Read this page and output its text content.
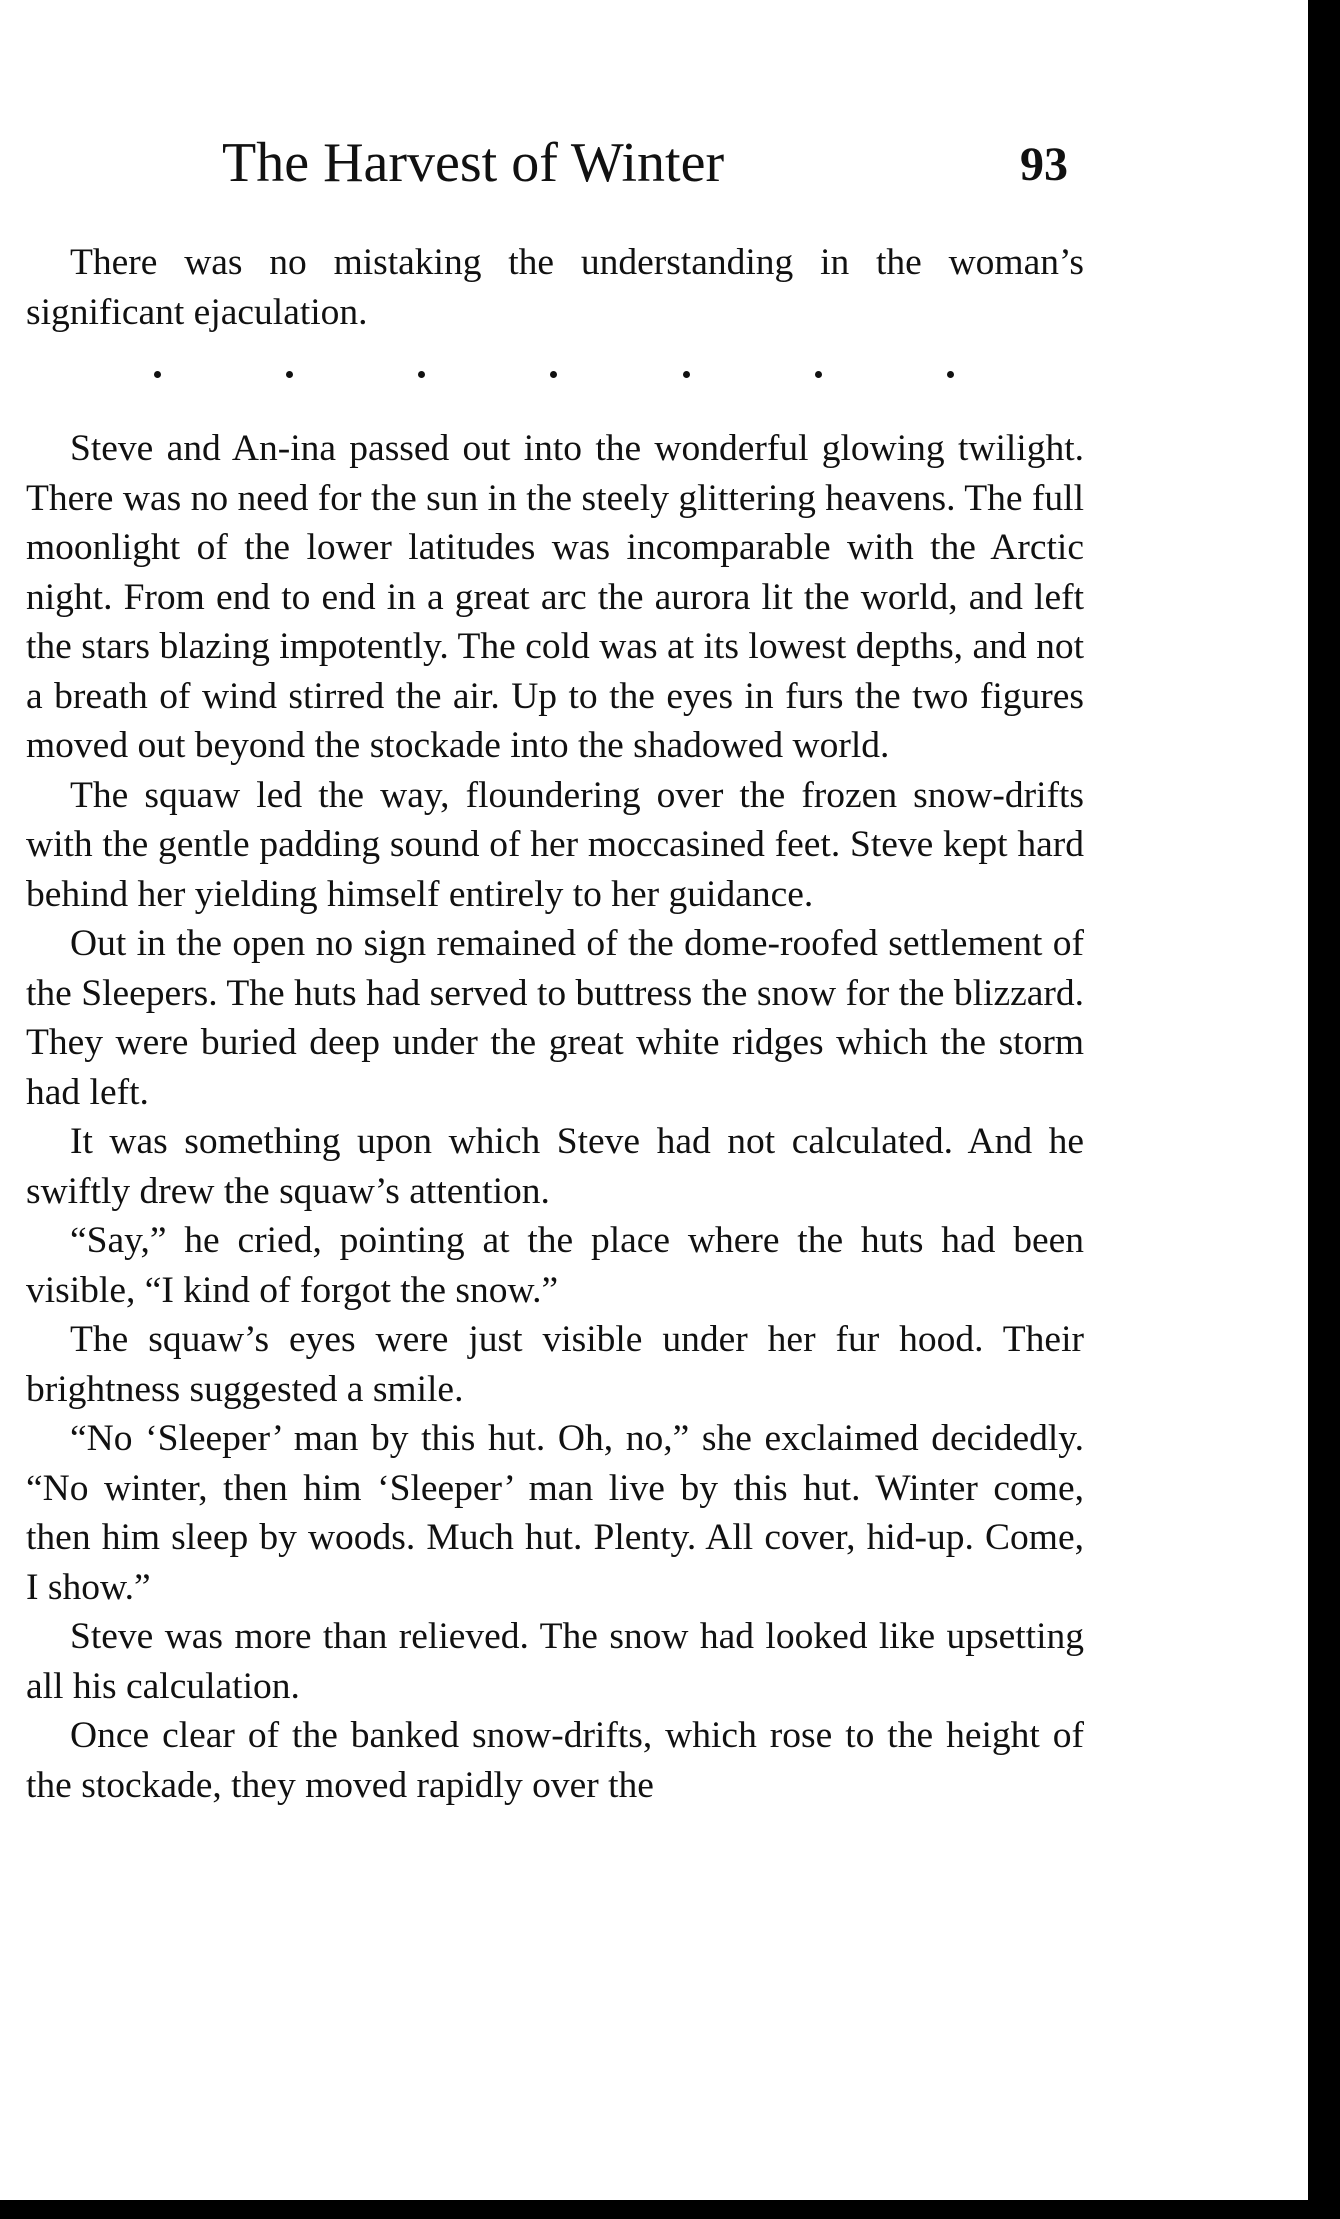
The Harvest of Winter	93

There was no mistaking the understanding in the woman’s significant ejaculation.

Steve and An-ina passed out into the wonderful glowing twilight. There was no need for the sun in the steely glittering heavens. The full moonlight of the lower latitudes was incomparable with the Arctic night. From end to end in a great arc the aurora lit the world, and left the stars blazing impotently. The cold was at its lowest depths, and not a breath of wind stirred the air. Up to the eyes in furs the two figures moved out beyond the stockade into the shadowed world.

The squaw led the way, floundering over the frozen snow-drifts with the gentle padding sound of her moccasined feet. Steve kept hard behind her yielding himself entirely to her guidance.

Out in the open no sign remained of the dome-roofed settlement of the Sleepers. The huts had served to buttress the snow for the blizzard. They were buried deep under the great white ridges which the storm had left.

It was something upon which Steve had not calculated. And he swiftly drew the squaw’s attention.

“Say,” he cried, pointing at the place where the huts had been visible, “I kind of forgot the snow.”

The squaw’s eyes were just visible under her fur hood. Their brightness suggested a smile.

“No ‘Sleeper’ man by this hut. Oh, no,” she exclaimed decidedly. “No winter, then him ‘Sleeper’ man live by this hut. Winter come, then him sleep by woods. Much hut. Plenty. All cover, hid-up. Come, I show.”

Steve was more than relieved. The snow had looked like upsetting all his calculation.

Once clear of the banked snow-drifts, which rose to the height of the stockade, they moved rapidly over the
